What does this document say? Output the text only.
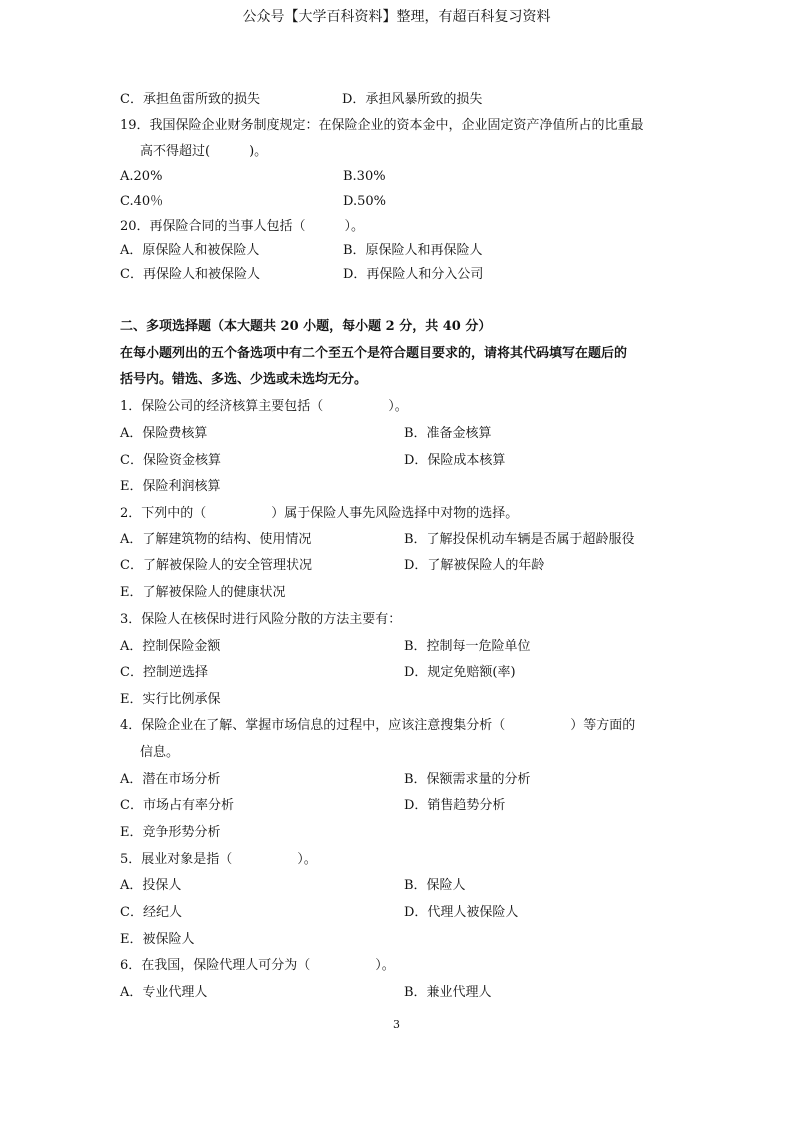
公众号【大学百科资料】整理，有超百科复习资料
C．承担鱼雷所致的损失	D．承担风暴所致的损失
19．我国保险企业财务制度规定：在保险企业的资本金中，企业固定资产净值所占的比重最
高不得超过(　　　)。
A.20%	B.30%
C.40％	D.50%
20．再保险合同的当事人包括（　　　）。
A．原保险人和被保险人	B．原保险人和再保险人
C．再保险人和被保险人	D．再保险人和分入公司
二、多项选择题（本大题共 20 小题，每小题 2 分，共 40 分）
在每小题列出的五个备选项中有二个至五个是符合题目要求的，请将其代码填写在题后的
括号内。错选、多选、少选或未选均无分。
1．保险公司的经济核算主要包括（　　　　　）。
A．保险费核算	B．准备金核算
C．保险资金核算	D．保险成本核算
E．保险利润核算
2．下列中的（　　　　　）属于保险人事先风险选择中对物的选择。
A．了解建筑物的结构、使用情况	B．了解投保机动车辆是否属于超龄服役
C．了解被保险人的安全管理状况	D．了解被保险人的年龄
E．了解被保险人的健康状况
3．保险人在核保时进行风险分散的方法主要有：
A．控制保险金额	B．控制每一危险单位
C．控制逆选择	D．规定免赔额(率)
E．实行比例承保
4．保险企业在了解、掌握市场信息的过程中，应该注意搜集分析（　　　　　）等方面的
信息。
A．潜在市场分析	B．保额需求量的分析
C．市场占有率分析	D．销售趋势分析
E．竞争形势分析
5．展业对象是指（　　　　　）。
A．投保人	B．保险人
C．经纪人	D．代理人被保险人
E．被保险人
6．在我国，保险代理人可分为（　　　　　）。
A．专业代理人	B．兼业代理人
3
